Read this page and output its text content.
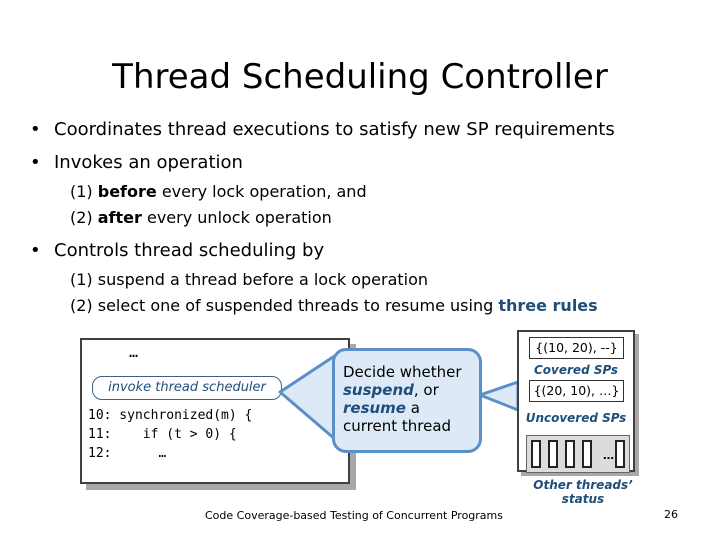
Thread Scheduling Controller
• Coordinates thread executions to satisfy new SP requirements
• Invokes an operation
(1) before every lock operation, and
(2) after every unlock operation
• Controls thread scheduling by
(1) suspend a thread before a lock operation
(2) select one of suspended threads to resume using three rules
…
invoke thread scheduler
10: synchronized(m) {
11:    if (t > 0) {
12:      …
Decide whether
suspend, or
resume a
current thread
{(10, 20), --}
Covered SPs
{(20, 10), …}
Uncovered SPs
…
Other threads’
status
Code Coverage-based Testing of Concurrent Programs	26
